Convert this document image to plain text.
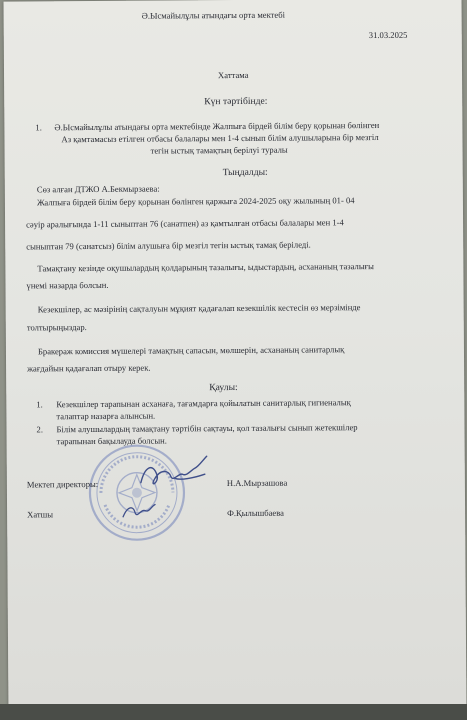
Ә.Ысмайылұлы атындағы орта мектебі
31.03.2025
Хаттама
Күн тәртібінде:
1. Ә.Ысмайылұлы атындағы орта мектебінде Жалпыға бірдей білім беру қорынан бөлінген
Аз қамтамасыз етілген отбасы балалары мен 1-4 сынып білім алушыларына бір мезгіл
тегін ыстық тамақтың берілуі туралы
Тыңдалды:
Сөз алған ДТЖО А.Бекмырзаева:
Жалпыға бірдей білім беру қорынан бөлінген қаржыға 2024-2025 оқу жылының 01- 04
сәуір аралығында 1-11 сыныптан 76 (санатпен) аз қамтылған отбасы балалары мен 1-4
сыныптан 79 (санатсыз) білім алушыға бір мезгіл тегін ыстық тамақ беріледі.
Тамақтану кезінде оқушылардың қолдарының тазалығы, ыдыстардың, асхананың тазалығы
үнемі назарда болсын.
Кезекшілер, ас мәзірінің сақталуын мұқият қадағалап кезекшілік кестесін өз мерзімінде
толтырыңыздар.
Бракераж комиссия мүшелері тамақтың сапасын, мөлшерін, асхананың санитарлық
жағдайын қадағалап отыру керек.
Қаулы:
1. Кезекшілер тарапынан асханаға, тағамдарға қойылатын санитарлық гигиеналық
талаптар назарға алынсын.
2. Білім алушылардың тамақтану тәртібін сақтауы, қол тазалығы сынып жетекшілер
тарапынан бақылауда болсын.
Мектеп директоры:	Н.А.Мырзашова
Хатшы	Ф.Қылышбаева
